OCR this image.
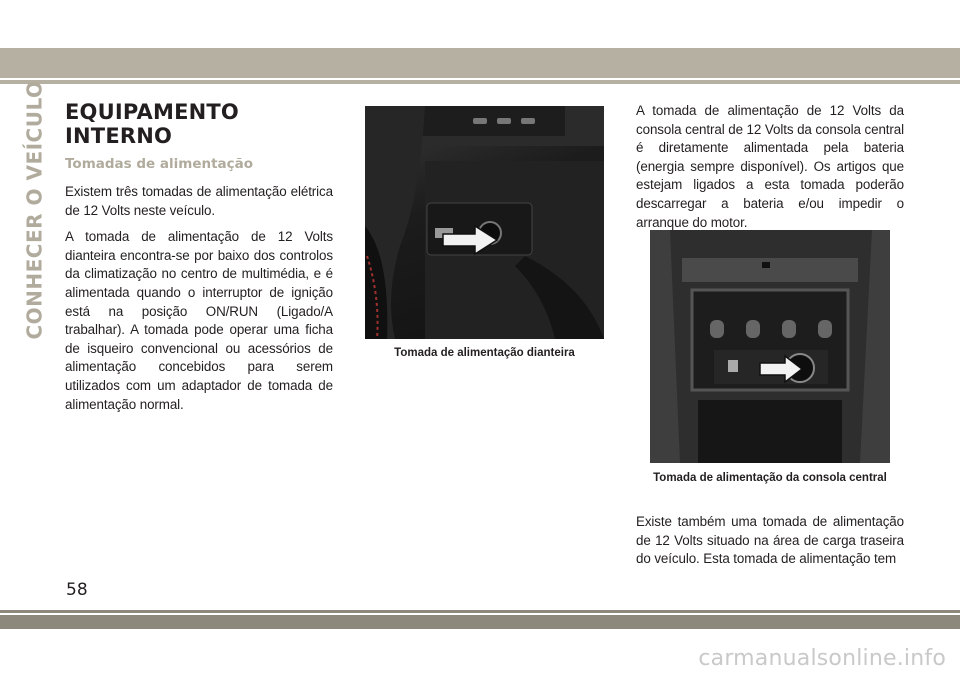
CONHECER O VEÍCULO EQUIPAMENTO INTERNO
Tomadas de alimentação

Existem três tomadas de alimentação elétrica de 12 Volts neste veículo.

A tomada de alimentação de 12 Volts dianteira encontra-se por baixo dos controlos da climatização no centro de multimédia, e é alimentada quando o interruptor de ignição está na posição ON/RUN (Ligado/A trabalhar). A tomada pode operar uma ficha de isqueiro convencional ou acessórios de alimentação concebidos para serem utilizados com um adaptador de tomada de alimentação normal.

Tomada de alimentação dianteira

A tomada de alimentação de 12 Volts da consola central de 12 Volts da consola central é diretamente alimentada pela bateria (energia sempre disponível). Os artigos que estejam ligados a esta tomada poderão descarregar a bateria e/ou impedir o arranque do motor.

Tomada de alimentação da consola central

Existe também uma tomada de alimentação de 12 Volts situado na área de carga traseira do veículo. Esta tomada de alimentação tem

58
carmanualsonline.info
